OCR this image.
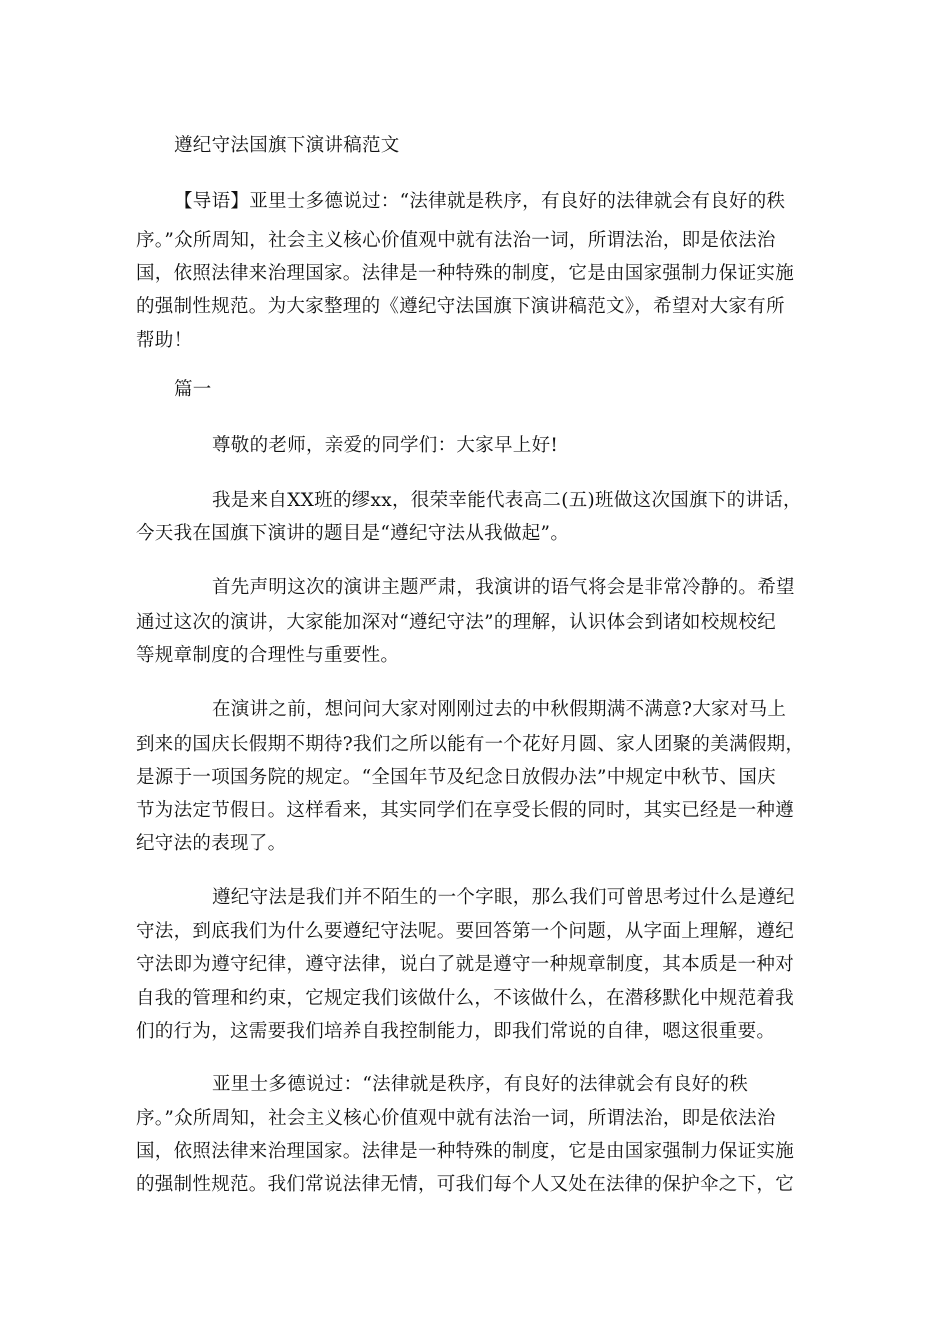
遵纪守法国旗下演讲稿范文
【导语】亚里士多德说过：“法律就是秩序，有良好的法律就会有良好的秩
序。”众所周知，社会主义核心价值观中就有法治一词，所谓法治，即是依法治
国，依照法律来治理国家。法律是一种特殊的制度，它是由国家强制力保证实施
的强制性规范。为大家整理的《遵纪守法国旗下演讲稿范文》，希望对大家有所
帮助！
篇一
尊敬的老师，亲爱的同学们：大家早上好!
我是来自XX班的缪xx，很荣幸能代表高二(五)班做这次国旗下的讲话，
今天我在国旗下演讲的题目是“遵纪守法从我做起”。
首先声明这次的演讲主题严肃，我演讲的语气将会是非常冷静的。希望
通过这次的演讲，大家能加深对“遵纪守法”的理解，认识体会到诸如校规校纪
等规章制度的合理性与重要性。
在演讲之前，想问问大家对刚刚过去的中秋假期满不满意?大家对马上
到来的国庆长假期不期待?我们之所以能有一个花好月圆、家人团聚的美满假期，
是源于一项国务院的规定。“全国年节及纪念日放假办法”中规定中秋节、国庆
节为法定节假日。这样看来，其实同学们在享受长假的同时，其实已经是一种遵
纪守法的表现了。
遵纪守法是我们并不陌生的一个字眼，那么我们可曾思考过什么是遵纪
守法，到底我们为什么要遵纪守法呢。要回答第一个问题，从字面上理解，遵纪
守法即为遵守纪律，遵守法律，说白了就是遵守一种规章制度，其本质是一种对
自我的管理和约束，它规定我们该做什么，不该做什么，在潜移默化中规范着我
们的行为，这需要我们培养自我控制能力，即我们常说的自律，嗯这很重要。
亚里士多德说过：“法律就是秩序，有良好的法律就会有良好的秩
序。”众所周知，社会主义核心价值观中就有法治一词，所谓法治，即是依法治
国，依照法律来治理国家。法律是一种特殊的制度，它是由国家强制力保证实施
的强制性规范。我们常说法律无情，可我们每个人又处在法律的保护伞之下，它
